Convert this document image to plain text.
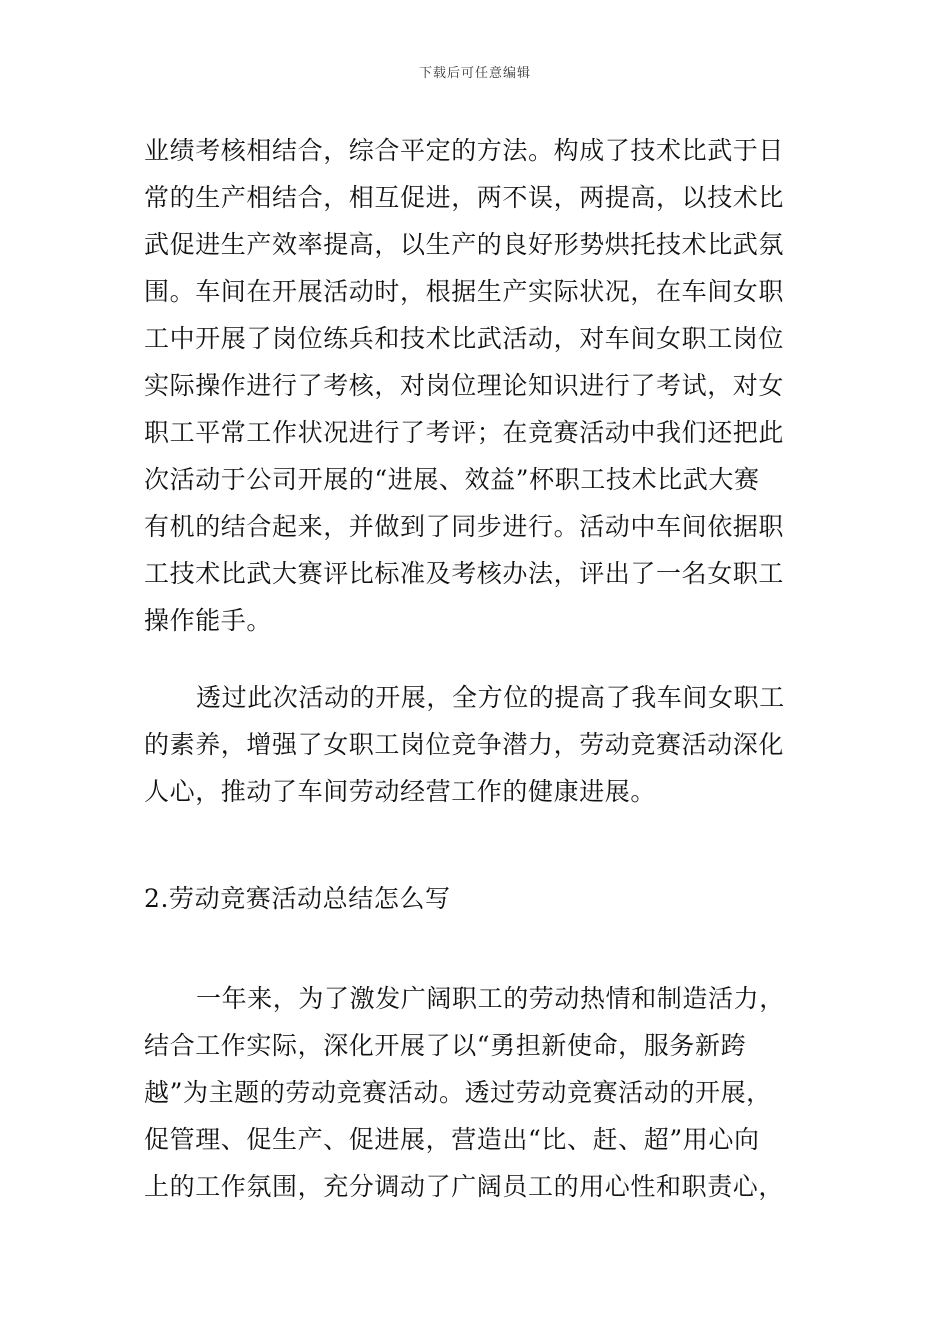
下载后可任意编辑
业绩考核相结合，综合平定的方法。构成了技术比武于日
常的生产相结合，相互促进，两不误，两提高，以技术比
武促进生产效率提高，以生产的良好形势烘托技术比武氛
围。车间在开展活动时，根据生产实际状况，在车间女职
工中开展了岗位练兵和技术比武活动，对车间女职工岗位
实际操作进行了考核，对岗位理论知识进行了考试，对女
职工平常工作状况进行了考评；在竞赛活动中我们还把此
次活动于公司开展的“进展、效益”杯职工技术比武大赛
有机的结合起来，并做到了同步进行。活动中车间依据职
工技术比武大赛评比标准及考核办法，评出了一名女职工
操作能手。
透过此次活动的开展，全方位的提高了我车间女职工
的素养，增强了女职工岗位竞争潜力，劳动竞赛活动深化
人心，推动了车间劳动经营工作的健康进展。
2.劳动竞赛活动总结怎么写
一年来，为了激发广阔职工的劳动热情和制造活力，
结合工作实际，深化开展了以“勇担新使命，服务新跨
越”为主题的劳动竞赛活动。透过劳动竞赛活动的开展，
促管理、促生产、促进展，营造出“比、赶、超”用心向
上的工作氛围，充分调动了广阔员工的用心性和职责心，
